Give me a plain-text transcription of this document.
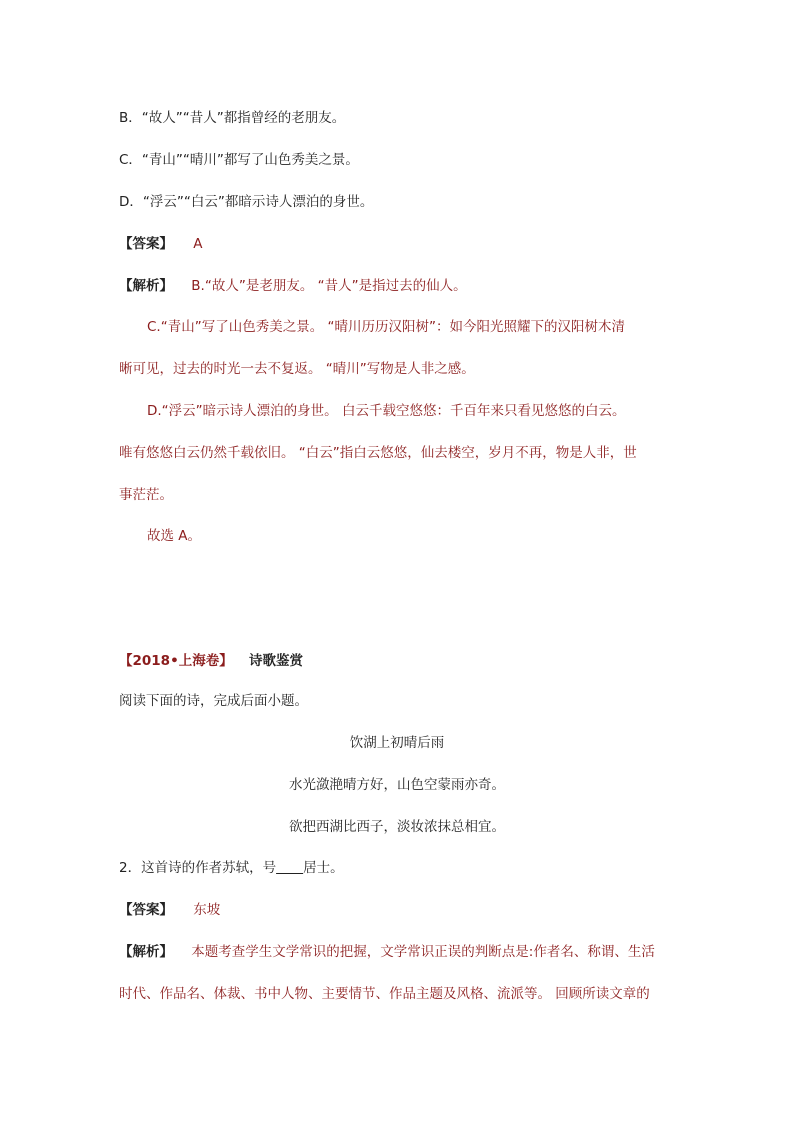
B．“故人”“昔人”都指曾经的老朋友。
C．“青山”“晴川”都写了山色秀美之景。
D．“浮云”“白云”都暗示诗人漂泊的身世。
【答案】 A
【解析】 B.“故人”是老朋友。 “昔人”是指过去的仙人。
C.“青山”写了山色秀美之景。 “晴川历历汉阳树”：如今阳光照耀下的汉阳树木清
晰可见，过去的时光一去不复返。 “晴川”写物是人非之感。
D.“浮云”暗示诗人漂泊的身世。 白云千载空悠悠：千百年来只看见悠悠的白云。
唯有悠悠白云仍然千载依旧。 “白云”指白云悠悠，仙去楼空，岁月不再，物是人非，世
事茫茫。
故选 A。
【2018•上海卷】 诗歌鉴赏
阅读下面的诗，完成后面小题。
饮湖上初晴后雨
水光潋滟晴方好，山色空蒙雨亦奇。
欲把西湖比西子，淡妆浓抹总相宜。
2．这首诗的作者苏轼，号　　 居士。
【答案】 东坡
【解析】 本题考查学生文学常识的把握，文学常识正误的判断点是:作者名、称谓、生活
时代、作品名、体裁、书中人物、主要情节、作品主题及风格、流派等。 回顾所读文章的
